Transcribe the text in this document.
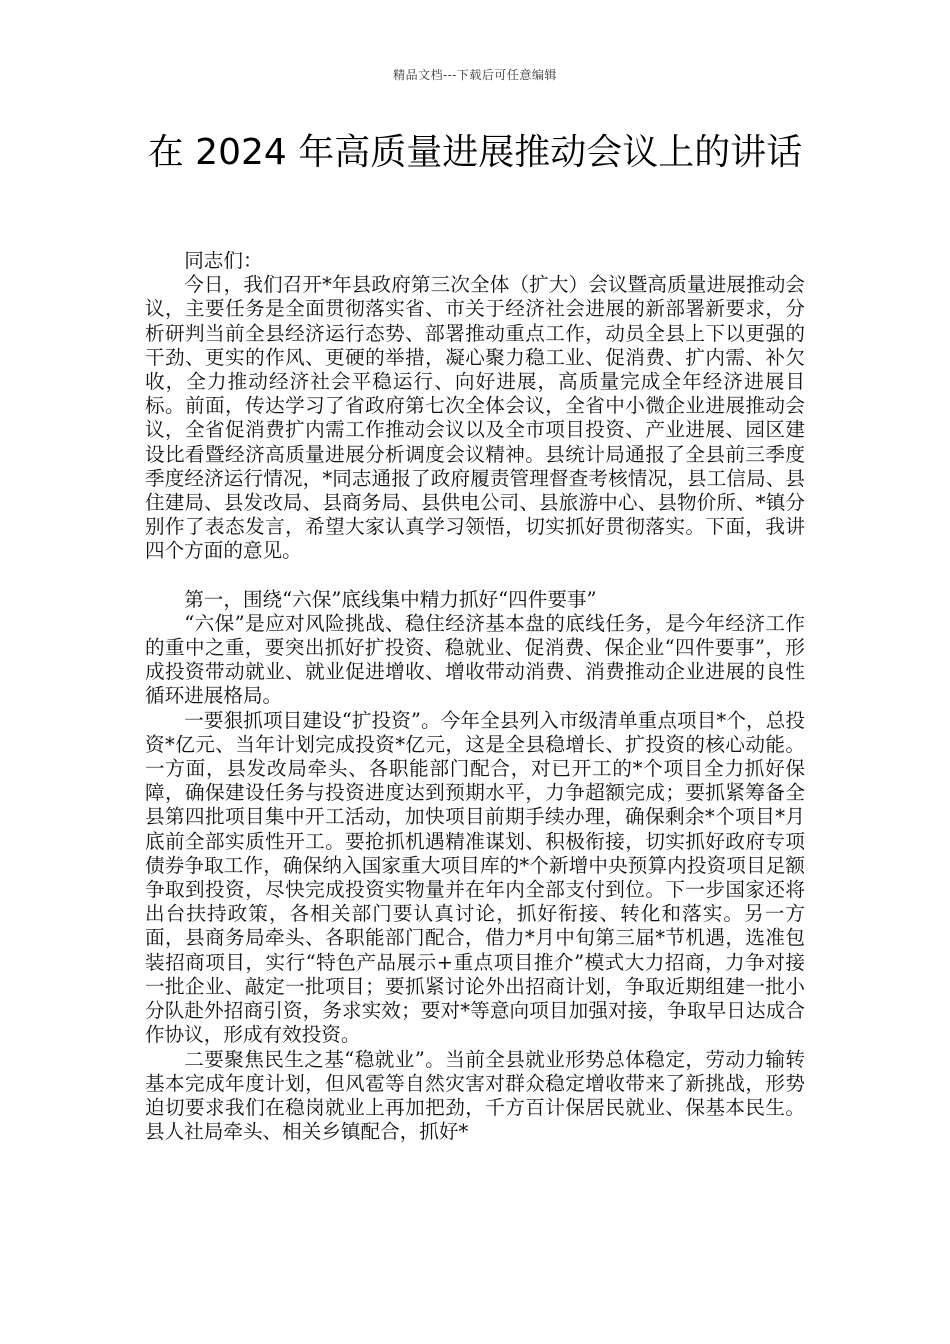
精品文档---下载后可任意编辑
在 2024 年高质量进展推动会议上的讲话

同志们：

今日，我们召开*年县政府第三次全体（扩大）会议暨高质量进展推动会议，主要任务是全面贯彻落实省、市关于经济社会进展的新部署新要求，分析研判当前全县经济运行态势、部署推动重点工作，动员全县上下以更强的干劲、更实的作风、更硬的举措，凝心聚力稳工业、促消费、扩内需、补欠收，全力推动经济社会平稳运行、向好进展，高质量完成全年经济进展目标。前面，传达学习了省政府第七次全体会议，全省中小微企业进展推动会议，全省促消费扩内需工作推动会议以及全市项目投资、产业进展、园区建设比看暨经济高质量进展分析调度会议精神。县统计局通报了全县前三季度季度经济运行情况，*同志通报了政府履责管理督查考核情况，县工信局、县住建局、县发改局、县商务局、县供电公司、县旅游中心、县物价所、*镇分别作了表态发言，希望大家认真学习领悟，切实抓好贯彻落实。下面，我讲四个方面的意见。

第一，围绕“六保”底线集中精力抓好“四件要事”

“六保”是应对风险挑战、稳住经济基本盘的底线任务，是今年经济工作的重中之重，要突出抓好扩投资、稳就业、促消费、保企业“四件要事”，形成投资带动就业、就业促进增收、增收带动消费、消费推动企业进展的良性循环进展格局。

一要狠抓项目建设“扩投资”。今年全县列入市级清单重点项目*个，总投资*亿元、当年计划完成投资*亿元，这是全县稳增长、扩投资的核心动能。一方面，县发改局牵头、各职能部门配合，对已开工的*个项目全力抓好保障，确保建设任务与投资进度达到预期水平，力争超额完成；要抓紧筹备全县第四批项目集中开工活动，加快项目前期手续办理，确保剩余*个项目*月底前全部实质性开工。要抢抓机遇精准谋划、积极衔接，切实抓好政府专项债券争取工作，确保纳入国家重大项目库的*个新增中央预算内投资项目足额争取到投资，尽快完成投资实物量并在年内全部支付到位。下一步国家还将出台扶持政策，各相关部门要认真讨论，抓好衔接、转化和落实。另一方面，县商务局牵头、各职能部门配合，借力*月中旬第三届*节机遇，选准包装招商项目，实行“特色产品展示+重点项目推介”模式大力招商，力争对接一批企业、敲定一批项目；要抓紧讨论外出招商计划，争取近期组建一批小分队赴外招商引资，务求实效；要对*等意向项目加强对接，争取早日达成合作协议，形成有效投资。

二要聚焦民生之基“稳就业”。当前全县就业形势总体稳定，劳动力输转基本完成年度计划，但风雹等自然灾害对群众稳定增收带来了新挑战，形势迫切要求我们在稳岗就业上再加把劲，千方百计保居民就业、保基本民生。县人社局牵头、相关乡镇配合，抓好*
